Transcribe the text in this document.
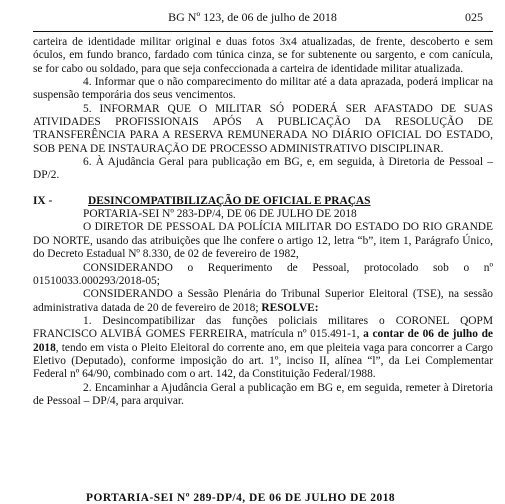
BG Nº 123, de 06 de julho de 2018	025

carteira de identidade militar original e duas fotos 3x4 atualizadas, de frente, descoberto e sem óculos, em fundo branco, fardado com túnica cinza, se for subtenente ou sargento, e com canícula, se for cabo ou soldado, para que seja confeccionada a carteira de identidade militar atualizada.

4. Informar que o não comparecimento do militar até a data aprazada, poderá implicar na suspensão temporária dos seus vencimentos.

5. INFORMAR QUE O MILITAR SÓ PODERÁ SER AFASTADO DE SUAS ATIVIDADES PROFISSIONAIS APÓS A PUBLICAÇÃO DA RESOLUÇÃO DE TRANSFERÊNCIA PARA A RESERVA REMUNERADA NO DIÁRIO OFICIAL DO ESTADO, SOB PENA DE INSTAURAÇÃO DE PROCESSO ADMINISTRATIVO DISCIPLINAR.

6. À Ajudância Geral para publicação em BG, e, em seguida, à Diretoria de Pessoal – DP/2.

IX -	DESINCOMPATIBILIZAÇÃO DE OFICIAL E PRAÇAS

PORTARIA-SEI Nº 283-DP/4, DE 06 DE JULHO DE 2018

O DIRETOR DE PESSOAL DA POLÍCIA MILITAR DO ESTADO DO RIO GRANDE DO NORTE, usando das atribuições que lhe confere o artigo 12, letra “b”, item 1, Parágrafo Único, do Decreto Estadual Nº 8.330, de 02 de fevereiro de 1982,

CONSIDERANDO o Requerimento de Pessoal, protocolado sob o nº 01510033.000293/2018-05;

CONSIDERANDO a Sessão Plenária do Tribunal Superior Eleitoral (TSE), na sessão administrativa datada de 20 de fevereiro de 2018; RESOLVE:

1. Desincompatibilizar das funções policiais militares o CORONEL QOPM FRANCISCO ALVIBÁ GOMES FERREIRA, matrícula nº 015.491-1, a contar de 06 de julho de 2018, tendo em vista o Pleito Eleitoral do corrente ano, em que pleiteia vaga para concorrer a Cargo Eletivo (Deputado), conforme imposição do art. 1º, inciso II, alínea “l”, da Lei Complementar Federal nº 64/90, combinado com o art. 142, da Constituição Federal/1988.

2. Encaminhar a Ajudância Geral a publicação em BG e, em seguida, remeter à Diretoria de Pessoal – DP/4, para arquivar.

PORTARIA-SEI Nº 289-DP/4, DE 06 DE JULHO DE 2018
